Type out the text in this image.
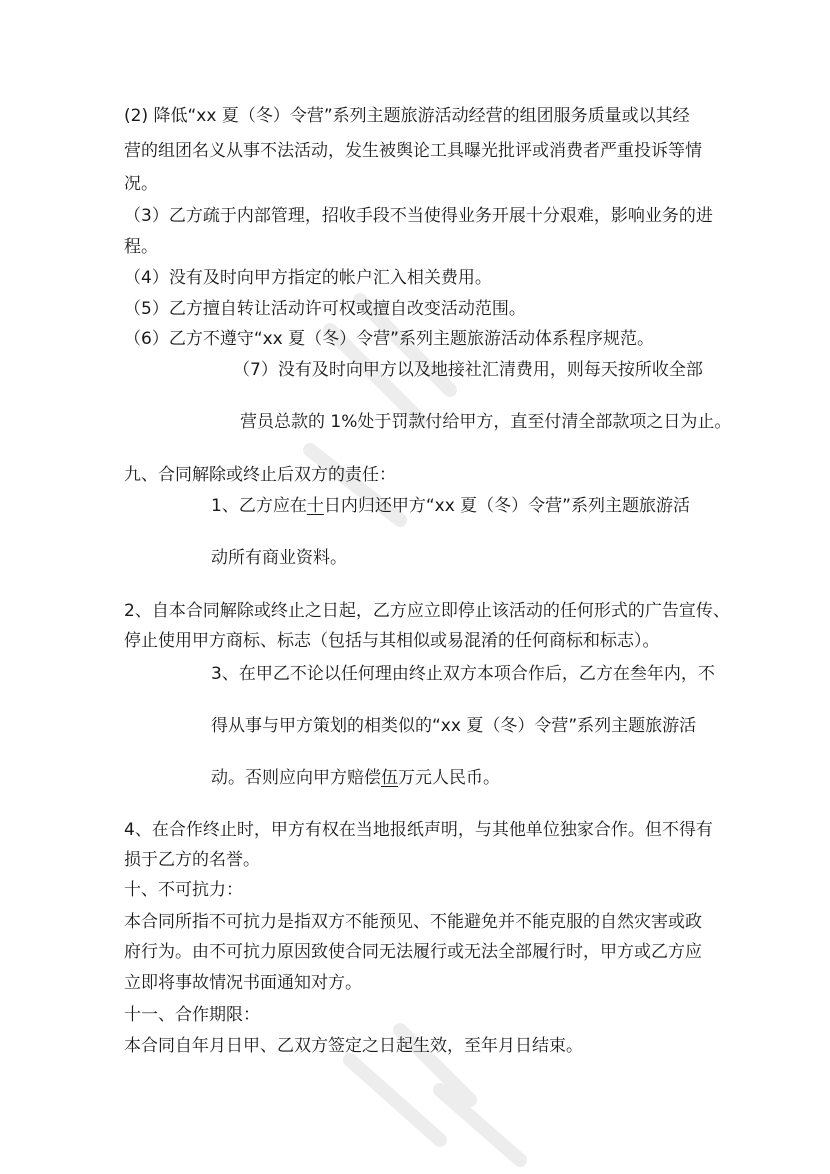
(2) 降低“xx 夏（冬）令营”系列主题旅游活动经营的组团服务质量或以其经

营的组团名义从事不法活动，发生被舆论工具曝光批评或消费者严重投诉等情

况。

（3）乙方疏于内部管理，招收手段不当使得业务开展十分艰难，影响业务的进

程。

（4）没有及时向甲方指定的帐户汇入相关费用。

（5）乙方擅自转让活动许可权或擅自改变活动范围。

（6）乙方不遵守“xx 夏（冬）令营”系列主题旅游活动体系程序规范。

（7）没有及时向甲方以及地接社汇清费用，则每天按所收全部

营员总款的 1%处于罚款付给甲方，直至付清全部款项之日为止。

九、合同解除或终止后双方的责任：

1、乙方应在十日内归还甲方“xx 夏（冬）令营”系列主题旅游活

动所有商业资料。

2、自本合同解除或终止之日起，乙方应立即停止该活动的任何形式的广告宣传、

停止使用甲方商标、标志（包括与其相似或易混淆的任何商标和标志）。

3、在甲乙不论以任何理由终止双方本项合作后，乙方在叁年内，不

得从事与甲方策划的相类似的“xx 夏（冬）令营”系列主题旅游活

动。否则应向甲方赔偿伍万元人民币。

4、在合作终止时，甲方有权在当地报纸声明，与其他单位独家合作。但不得有

损于乙方的名誉。

十、不可抗力：

本合同所指不可抗力是指双方不能预见、不能避免并不能克服的自然灾害或政

府行为。由不可抗力原因致使合同无法履行或无法全部履行时，甲方或乙方应

立即将事故情况书面通知对方。

十一、合作期限：

本合同自年月日甲、乙双方签定之日起生效，至年月日结束。
